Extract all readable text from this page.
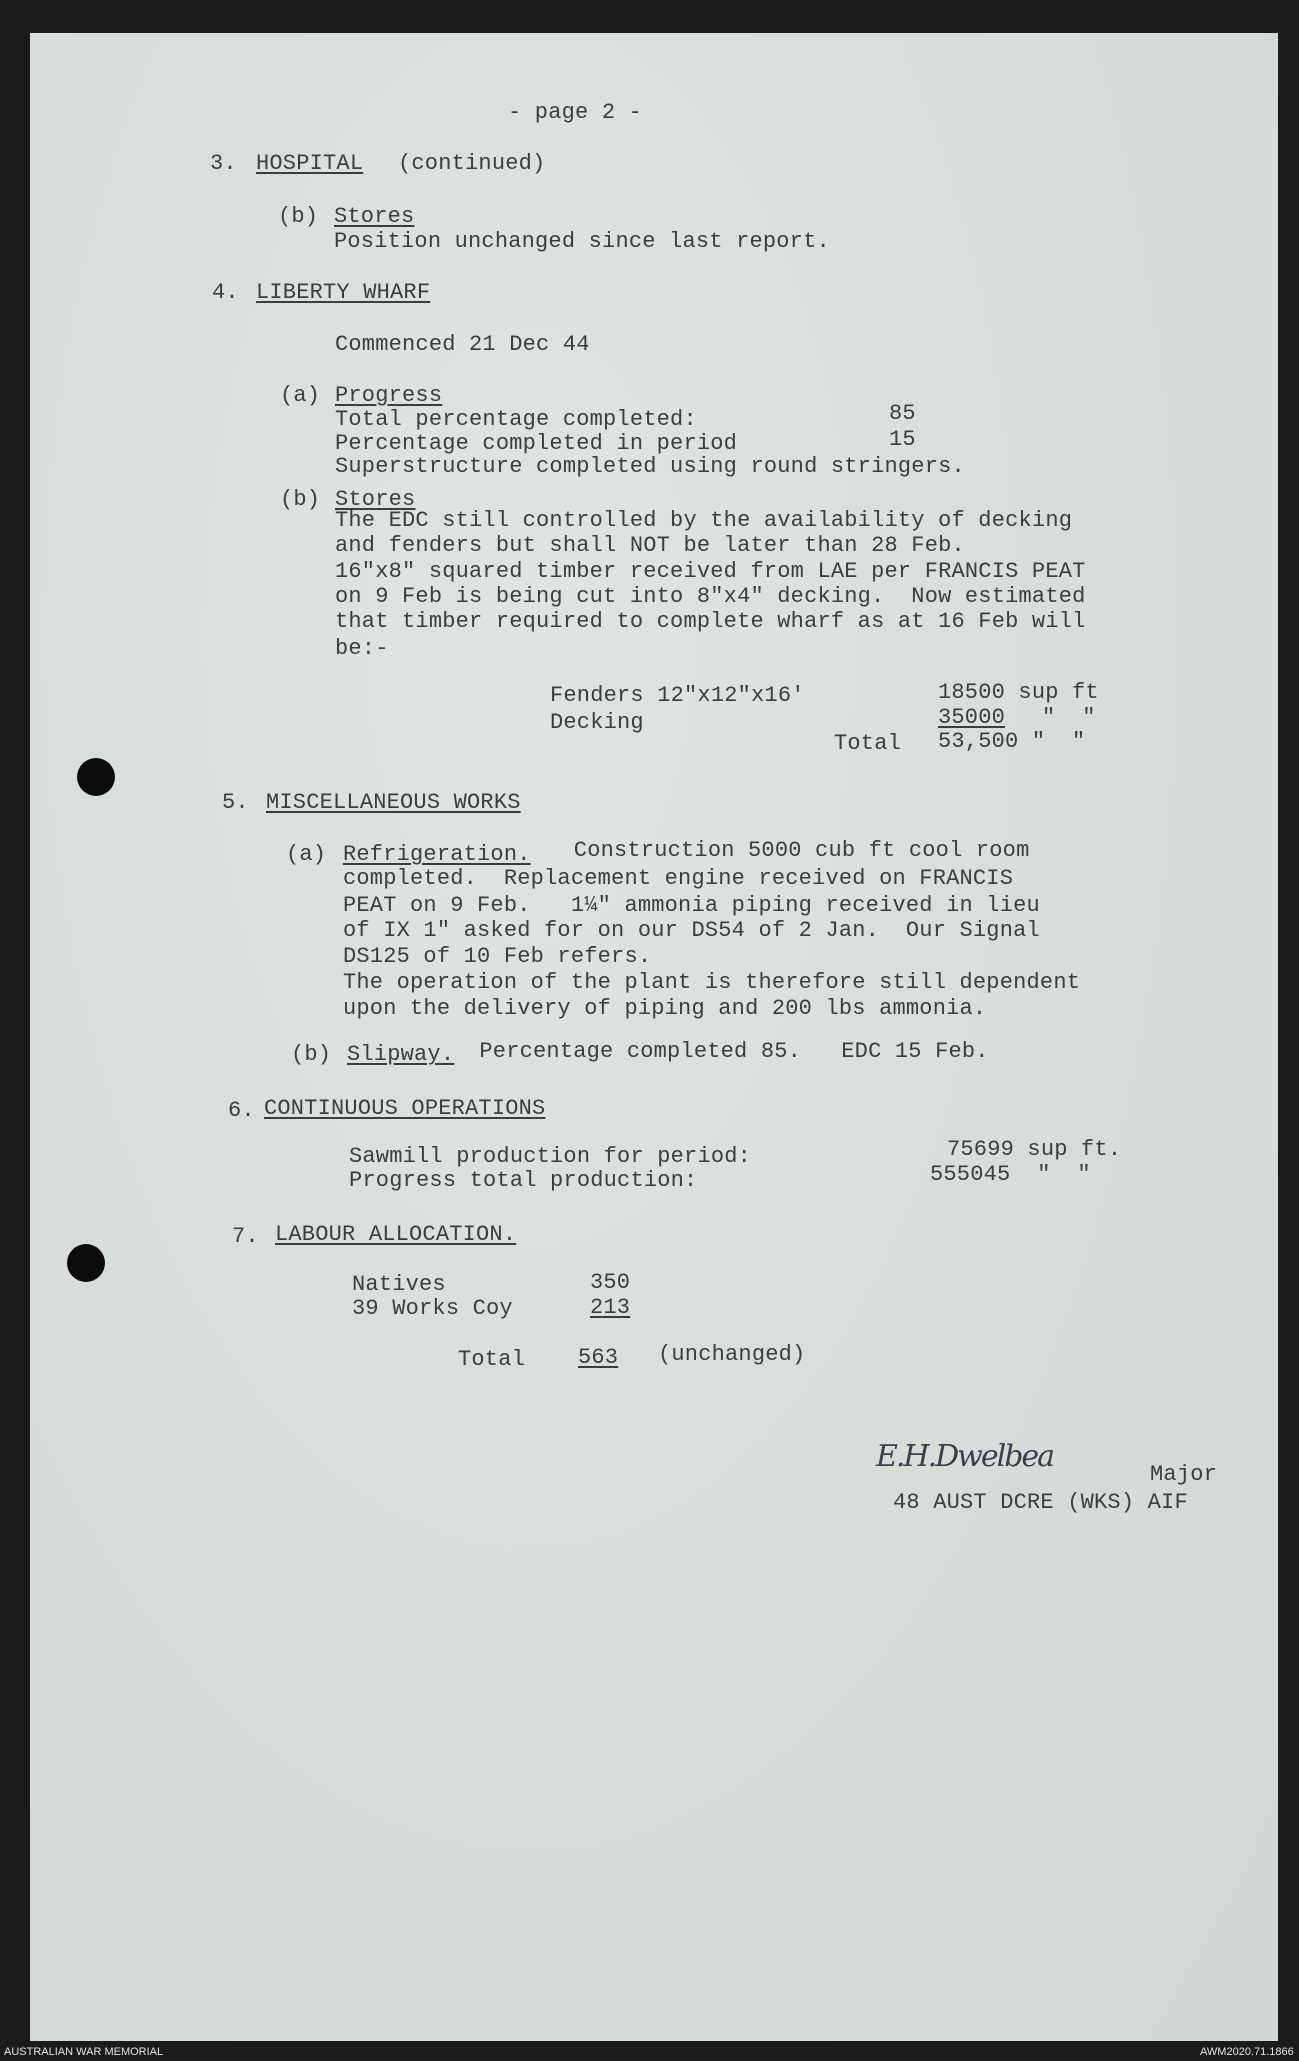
- page 2 -
3. HOSPITAL (continued)
(b) Stores
Position unchanged since last report.
4. LIBERTY WHARF
Commenced 21 Dec 44
(a) Progress
Total percentage completed:	85
Percentage completed in period	15
Superstructure completed using round stringers.
(b) Stores
The EDC still controlled by the availability of decking
and fenders but shall NOT be later than 28 Feb.
16"x8" squared timber received from LAE per FRANCIS PEAT
on 9 Feb is being cut into 8"x4" decking.  Now estimated
that timber required to complete wharf as at 16 Feb will
be:-
Fenders 12"x12"x16'	18500 sup ft
Decking	35000 "  "
Total 53,500 "  "
5. MISCELLANEOUS WORKS
(a) Refrigeration. Construction 5000 cub ft cool room
completed.  Replacement engine received on FRANCIS
PEAT on 9 Feb.   1¼" ammonia piping received in lieu
of IX 1" asked for on our DS54 of 2 Jan.  Our Signal
DS125 of 10 Feb refers.
The operation of the plant is therefore still dependent
upon the delivery of piping and 200 lbs ammonia.
(b) Slipway. Percentage completed 85.   EDC 15 Feb.
6. CONTINUOUS OPERATIONS
Sawmill production for period:	75699 sup ft.
Progress total production:	555045  "  "
7. LABOUR ALLOCATION.
Natives	350
39 Works Coy	213
Total 563 (unchanged)
E.H.Dwelbea
Major
48 AUST DCRE (WKS) AIF
AUSTRALIAN WAR MEMORIAL	AWM2020.71.1866
